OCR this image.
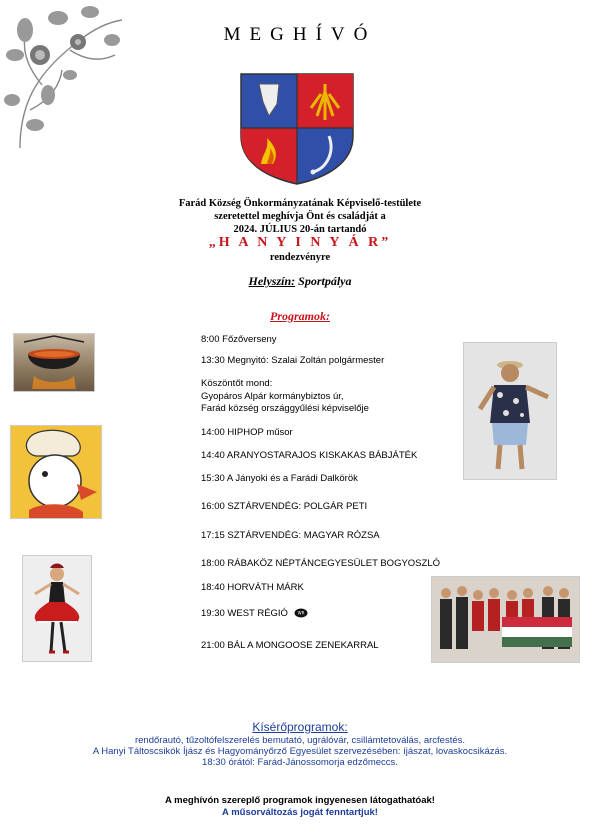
MEGHÍVÓ
Farád Község Önkormányzatának Képviselő-testülete
szeretettel meghívja Önt és családját a
2024. JÚLIUS 20-án tartandó
„H A N Y I N Y Á R”
rendezvényre
Helyszín: Sportpálya
Programok:
8:00 Főzőverseny
13:30 Megnyitó: Szalai Zoltán polgármester
Köszöntőt mond:
Gyopáros Alpár kormánybiztos úr,
Farád község országgyűlési képviselője
14:00 HIPHOP műsor
14:40 ARANYOSTARAJOS KISKAKAS BÁBJÁTÉK
15:30 A Jányoki és a Farádi Dalkörök
16:00 SZTÁRVENDÉG: POLGÁR PETI
17:15 SZTÁRVENDÉG: MAGYAR RÓZSA
18:00 RÁBAKÖZ NÉPTÁNCEGYESÜLET BOGYOSZLÓ
18:40 HORVÁTH MÁRK
19:30 WEST RÉGIÓ WR
21:00 BÁL A MONGOOSE ZENEKARRAL
Kísérőprogramok:
rendőrautó, tűzoltófelszerelés bemutató, ugrálóvár, csillámtetoválás, arcfestés.
A Hanyi Táltoscsikók Íjász és Hagyományőrző Egyesület szervezésében: íjászat, lovaskocsikázás.
18:30 órától: Farád-Jánossomorja edzőmeccs.
A meghívón szereplő programok ingyenesen látogathatóak!
A műsorváltozás jogát fenntartjuk!
